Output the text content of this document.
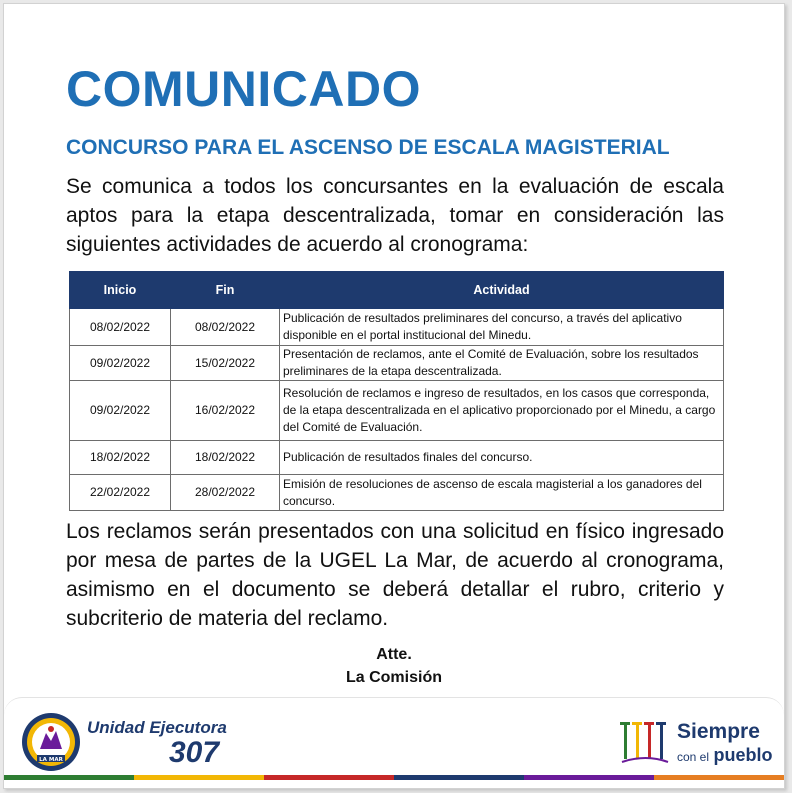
COMUNICADO
CONCURSO PARA EL ASCENSO DE ESCALA MAGISTERIAL
Se comunica a todos los concursantes en la evaluación de escala aptos para la etapa descentralizada, tomar en consideración las siguientes actividades de acuerdo al cronograma:
Inicio	Fin	Actividad
08/02/2022	08/02/2022	Publicación de resultados preliminares del concurso, a través del aplicativo disponible en el portal institucional del Minedu.
09/02/2022	15/02/2022	Presentación de reclamos, ante el Comité de Evaluación, sobre los resultados preliminares de la etapa descentralizada.
09/02/2022	16/02/2022	Resolución de reclamos e ingreso de resultados, en los casos que corresponda, de la etapa descentralizada en el aplicativo proporcionado por el Minedu, a cargo del Comité de Evaluación.
18/02/2022	18/02/2022	Publicación de resultados finales del concurso.
22/02/2022	28/02/2022	Emisión de resoluciones de ascenso de escala magisterial a los ganadores del concurso.
Los reclamos serán presentados con una solicitud en físico ingresado por mesa de partes de la UGEL La Mar, de acuerdo al cronograma, asimismo en el documento se deberá detallar el rubro, criterio y subcriterio de materia del reclamo.
Atte.
La Comisión
LA MAR
Unidad Ejecutora
307
Siempre
con el pueblo
